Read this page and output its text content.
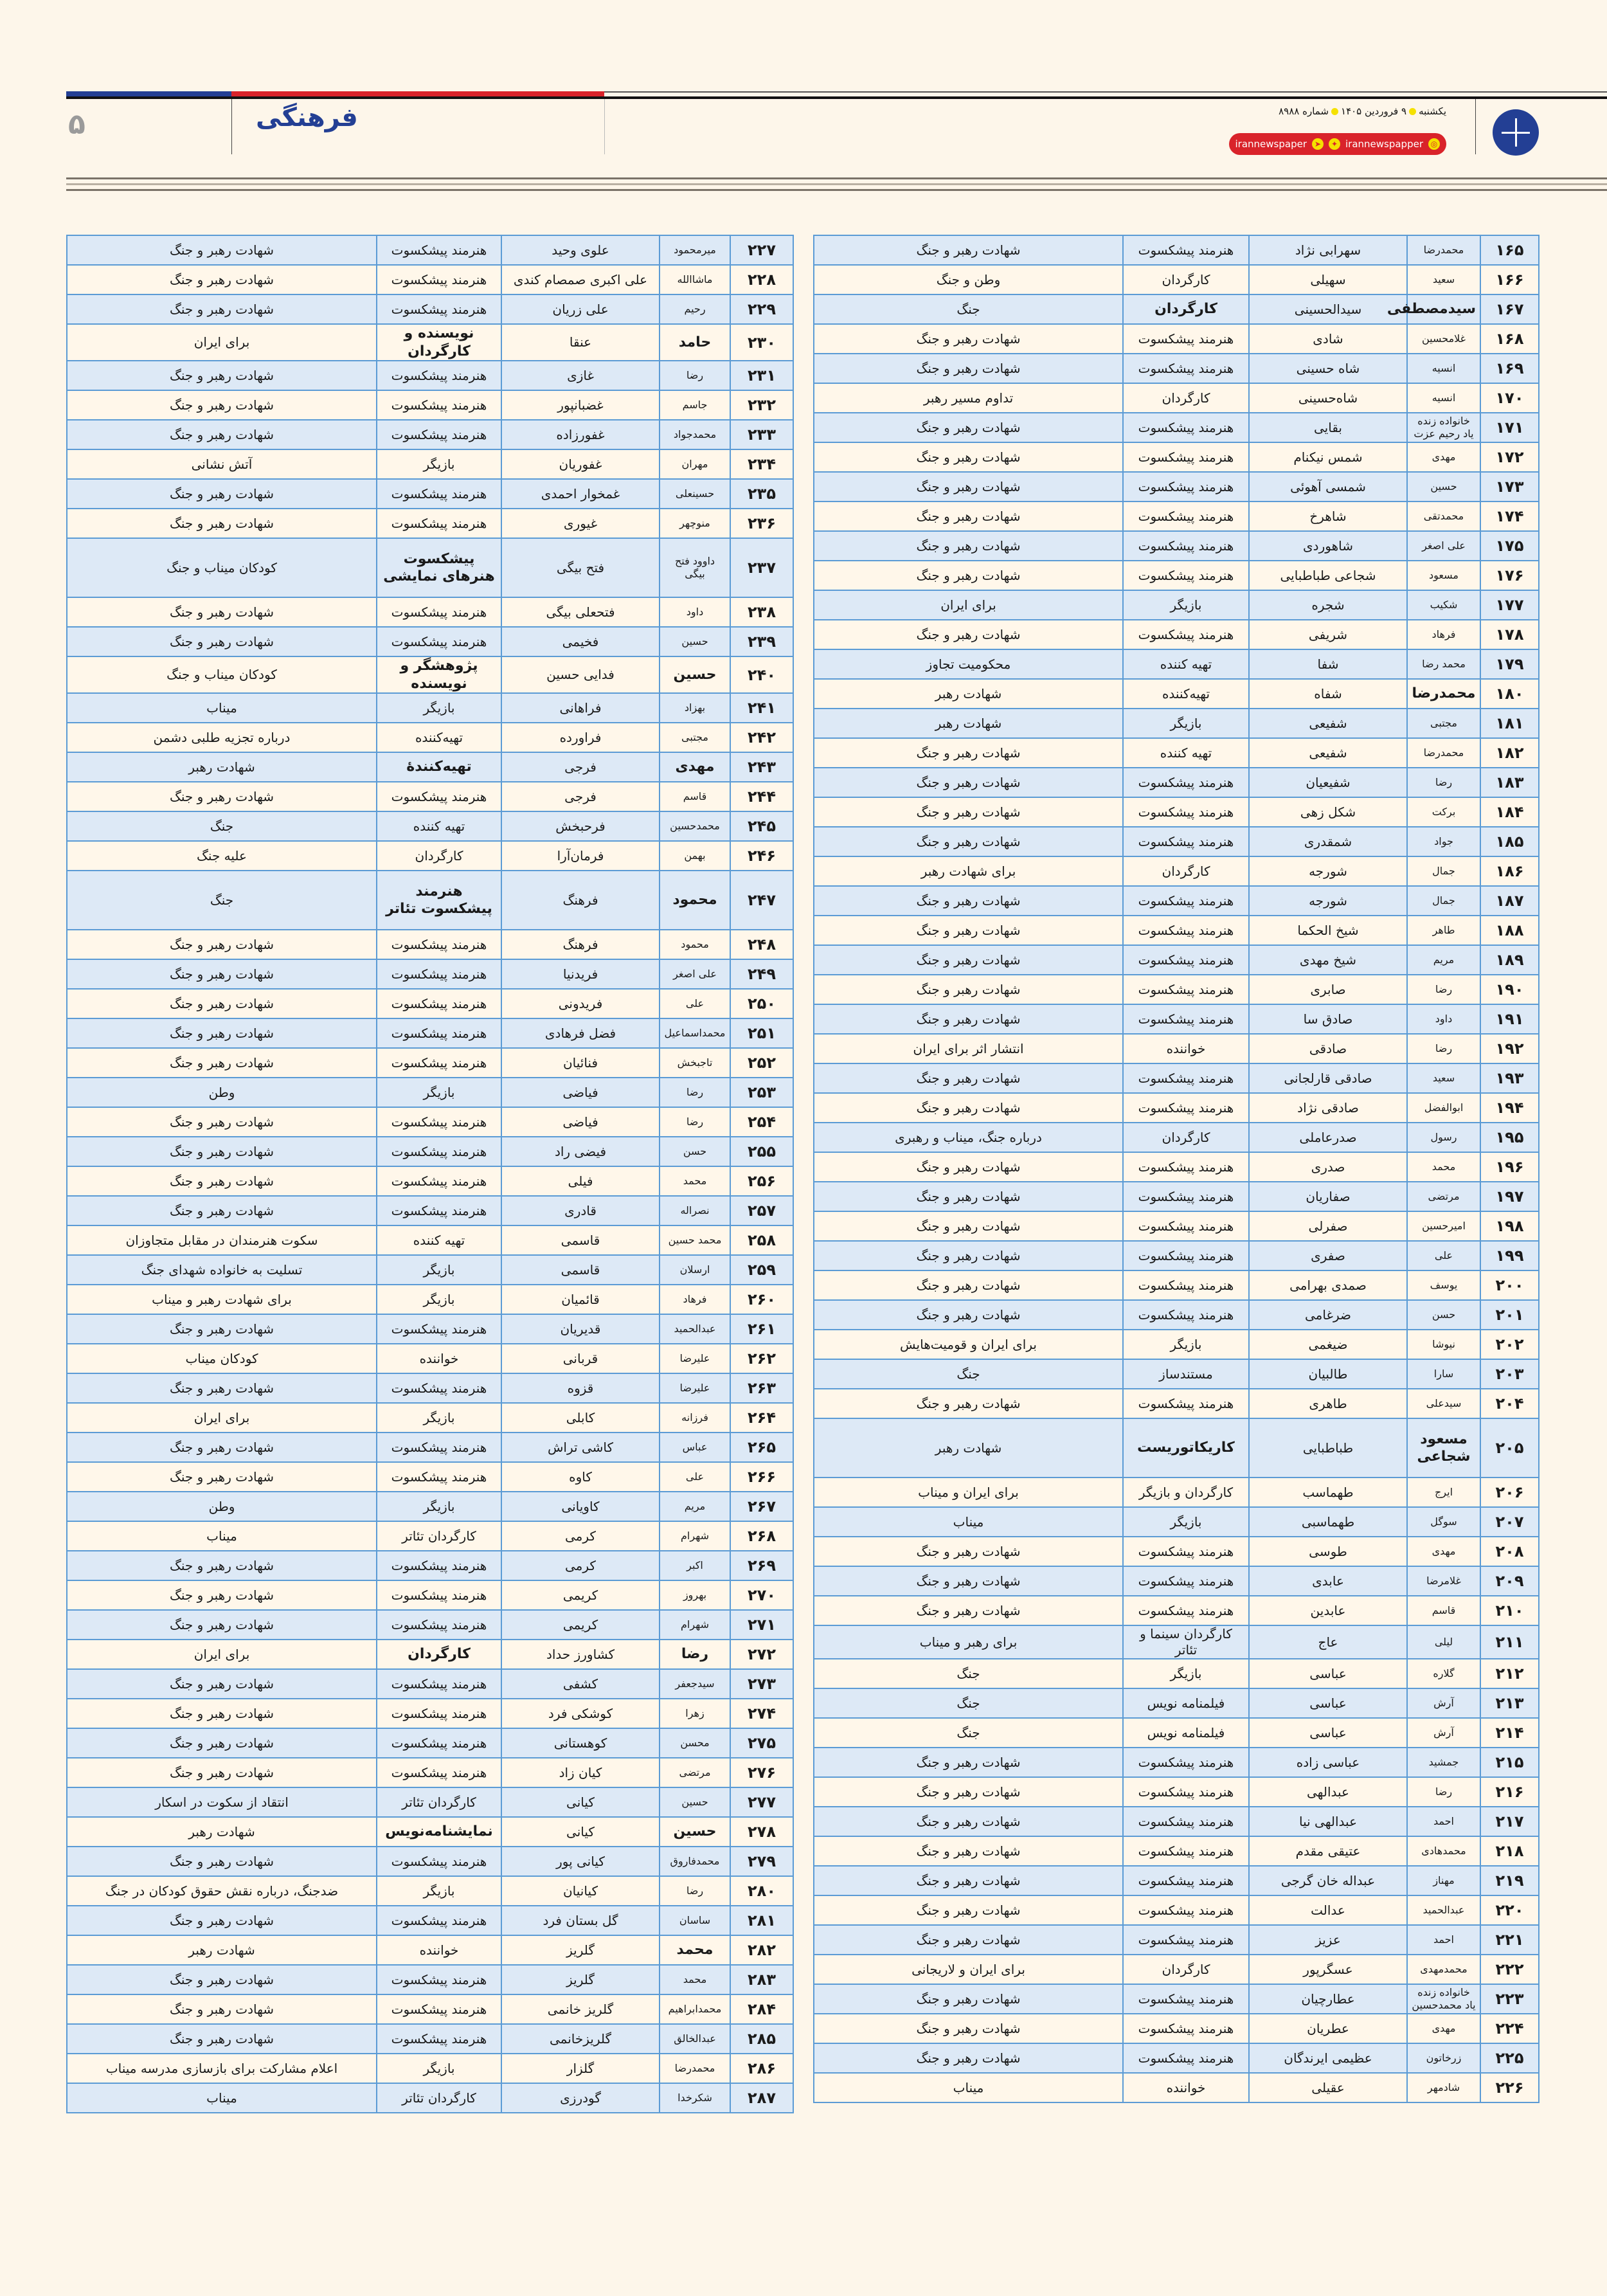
۵	فرهنگی	یکشنبه۹ فروردین ۱۴۰۵شماره ۸۹۸۸
◎
irannewspapper
✦
➤
irannewspaper
۱۶۵	محمدرضا	سهرابی نژاد	هنرمند پیشکسوت	شهادت رهبر و جنگ
۱۶۶	سعید	سهیلی	کارگردان	وطن و جنگ
۱۶۷	سیدمصطفی	سیدالحسینی	کارگردان	جنگ
۱۶۸	غلامحسین	شادی	هنرمند پیشکسوت	شهادت رهبر و جنگ
۱۶۹	انسیه	شاه حسینی	هنرمند پیشکسوت	شهادت رهبر و جنگ
۱۷۰	انسیه	شاه‌حسینی	کارگردان	تداوم مسیر رهبر
۱۷۱	خانواده زنده یاد رحیم عزت	بقایی	هنرمند پیشکسوت	شهادت رهبر و جنگ
۱۷۲	مهدی	شمس نیکنام	هنرمند پیشکسوت	شهادت رهبر و جنگ
۱۷۳	حسین	شمسی آهوئی	هنرمند پیشکسوت	شهادت رهبر و جنگ
۱۷۴	محمدتقی	شاهرخ	هنرمند پیشکسوت	شهادت رهبر و جنگ
۱۷۵	علی اصغر	شاهوردی	هنرمند پیشکسوت	شهادت رهبر و جنگ
۱۷۶	مسعود	شجاعی طباطبایی	هنرمند پیشکسوت	شهادت رهبر و جنگ
۱۷۷	شکیب	شجره	بازیگر	برای ایران
۱۷۸	فرهاد	شریفی	هنرمند پیشکسوت	شهادت رهبر و جنگ
۱۷۹	محمد رضا	شفا	تهیه کننده	محکومیت تجاوز
۱۸۰	محمدرضا	شفاه	تهیه‌کننده	شهادت رهبر
۱۸۱	مجتبی	شفیعی	بازیگر	شهادت رهبر
۱۸۲	محمدرضا	شفیعی	تهیه کننده	شهادت رهبر و جنگ
۱۸۳	رضا	شفیعیان	هنرمند پیشکسوت	شهادت رهبر و جنگ
۱۸۴	برکت	شکل زهی	هنرمند پیشکسوت	شهادت رهبر و جنگ
۱۸۵	جواد	شمقدری	هنرمند پیشکسوت	شهادت رهبر و جنگ
۱۸۶	جمال	شورجه	کارگردان	برای شهادت رهبر
۱۸۷	جمال	شورجه	هنرمند پیشکسوت	شهادت رهبر و جنگ
۱۸۸	طاهر	شیخ الحکما	هنرمند پیشکسوت	شهادت رهبر و جنگ
۱۸۹	مریم	شیخ مهدی	هنرمند پیشکسوت	شهادت رهبر و جنگ
۱۹۰	رضا	صابری	هنرمند پیشکسوت	شهادت رهبر و جنگ
۱۹۱	داود	صادق سا	هنرمند پیشکسوت	شهادت رهبر و جنگ
۱۹۲	رضا	صادقی	خواننده	انتشار اثر برای ایران
۱۹۳	سعید	صادقی قارلجانی	هنرمند پیشکسوت	شهادت رهبر و جنگ
۱۹۴	ابوالفضل	صادقی نژاد	هنرمند پیشکسوت	شهادت رهبر و جنگ
۱۹۵	رسول	صدرعاملی	کارگردان	درباره جنگ، میناب و رهبری
۱۹۶	محمد	صدری	هنرمند پیشکسوت	شهادت رهبر و جنگ
۱۹۷	مرتضی	صفاریان	هنرمند پیشکسوت	شهادت رهبر و جنگ
۱۹۸	امیرحسین	صفرلی	هنرمند پیشکسوت	شهادت رهبر و جنگ
۱۹۹	علی	صفری	هنرمند پیشکسوت	شهادت رهبر و جنگ
۲۰۰	یوسف	صمدی بهرامی	هنرمند پیشکسوت	شهادت رهبر و جنگ
۲۰۱	حسن	ضرغامی	هنرمند پیشکسوت	شهادت رهبر و جنگ
۲۰۲	نیوشا	ضیغمی	بازیگر	برای ایران و قومیت‌هایش
۲۰۳	سارا	طالبیان	مستندساز	جنگ
۲۰۴	سیدعلی	طاهری	هنرمند پیشکسوت	شهادت رهبر و جنگ
۲۰۵	مسعود شجاعی	طباطبایی	کاریکاتوریست	شهادت رهبر
۲۰۶	ایرج	طهماسب	کارگردان و بازیگر	برای ایران و میناب
۲۰۷	سوگل	طهماسبی	بازیگر	میناب
۲۰۸	مهدی	طوسی	هنرمند پیشکسوت	شهادت رهبر و جنگ
۲۰۹	غلامرضا	عابدی	هنرمند پیشکسوت	شهادت رهبر و جنگ
۲۱۰	قاسم	عابدین	هنرمند پیشکسوت	شهادت رهبر و جنگ
۲۱۱	لیلی	عاج	کارگردان سینما و تئاتر	برای رهبر و میناب
۲۱۲	گلاره	عباسی	بازیگر	جنگ
۲۱۳	آرش	عباسی	فیلمنامه نویس	جنگ
۲۱۴	آرش	عباسی	فیلمنامه نویس	جنگ
۲۱۵	جمشید	عباسی زاده	هنرمند پیشکسوت	شهادت رهبر و جنگ
۲۱۶	رضا	عبدالهی	هنرمند پیشکسوت	شهادت رهبر و جنگ
۲۱۷	احمد	عبدالهی نیا	هنرمند پیشکسوت	شهادت رهبر و جنگ
۲۱۸	محمدهادی	عتیقی مقدم	هنرمند پیشکسوت	شهادت رهبر و جنگ
۲۱۹	مهناز	عبداله خان گرجی	هنرمند پیشکسوت	شهادت رهبر و جنگ
۲۲۰	عبدالحمید	عدالت	هنرمند پیشکسوت	شهادت رهبر و جنگ
۲۲۱	احمد	عزیز	هنرمند پیشکسوت	شهادت رهبر و جنگ
۲۲۲	محمدمهدی	عسگرپور	کارگردان	برای ایران و لاریجانی
۲۲۳	خانواده زنده یاد محمدحسین	عطارچیان	هنرمند پیشکسوت	شهادت رهبر و جنگ
۲۲۴	مهدی	عطریان	هنرمند پیشکسوت	شهادت رهبر و جنگ
۲۲۵	زرخاتون	عظیمی ایرندگان	هنرمند پیشکسوت	شهادت رهبر و جنگ
۲۲۶	شادمهر	عقیلی	خواننده	میناب
۲۲۷	میرمحمود	علوی وحید	هنرمند پیشکسوت	شهادت رهبر و جنگ
۲۲۸	ماشاالله	علی اکبری صمصام کندی	هنرمند پیشکسوت	شهادت رهبر و جنگ
۲۲۹	رحیم	علی زریان	هنرمند پیشکسوت	شهادت رهبر و جنگ
۲۳۰	حامد	عنقا	نویسنده و کارگردان	برای ایران
۲۳۱	رضا	غازی	هنرمند پیشکسوت	شهادت رهبر و جنگ
۲۳۲	جاسم	غضبانپور	هنرمند پیشکسوت	شهادت رهبر و جنگ
۲۳۳	محمدجواد	غفورزاده	هنرمند پیشکسوت	شهادت رهبر و جنگ
۲۳۴	مهران	غفوریان	بازیگر	آتش نشانی
۲۳۵	حسینعلی	غمخوار احمدی	هنرمند پیشکسوت	شهادت رهبر و جنگ
۲۳۶	منوچهر	غیوری	هنرمند پیشکسوت	شهادت رهبر و جنگ
۲۳۷	داوود فتح بیگی	فتح بیگی	پیشکسوت هنرهای نمایشی	کودکان میناب و جنگ
۲۳۸	داود	فتحعلی بیگی	هنرمند پیشکسوت	شهادت رهبر و جنگ
۲۳۹	حسین	فخیمی	هنرمند پیشکسوت	شهادت رهبر و جنگ
۲۴۰	حسین	فدایی حسین	پژوهشگر و نویسنده	کودکان میناب و جنگ
۲۴۱	بهزاد	فراهانی	بازیگر	میناب
۲۴۲	مجتبی	فراورده	تهیه‌کننده	درباره تجزیه طلبی دشمن
۲۴۳	مهدی	فرجی	تهیه‌کنندهٔ	شهادت رهبر
۲۴۴	قاسم	فرجی	هنرمند پیشکسوت	شهادت رهبر و جنگ
۲۴۵	محمدحسین	فرحبخش	تهیه کننده	جنگ
۲۴۶	بهمن	فرمان‌آرا	کارگردان	علیه جنگ
۲۴۷	محمود	فرهنگ	هنرمند پیشکسوت تئاتر	جنگ
۲۴۸	محمود	فرهنگ	هنرمند پیشکسوت	شهادت رهبر و جنگ
۲۴۹	علی اصغر	فریدنیا	هنرمند پیشکسوت	شهادت رهبر و جنگ
۲۵۰	علی	فریدونی	هنرمند پیشکسوت	شهادت رهبر و جنگ
۲۵۱	محمداسماعیل	فضل فرهادی	هنرمند پیشکسوت	شهادت رهبر و جنگ
۲۵۲	تاجبخش	فنائیان	هنرمند پیشکسوت	شهادت رهبر و جنگ
۲۵۳	رضا	فیاضی	بازیگر	وطن
۲۵۴	رضا	فیاضی	هنرمند پیشکسوت	شهادت رهبر و جنگ
۲۵۵	حسن	فیضی راد	هنرمند پیشکسوت	شهادت رهبر و جنگ
۲۵۶	محمد	فیلی	هنرمند پیشکسوت	شهادت رهبر و جنگ
۲۵۷	نصراله	قادری	هنرمند پیشکسوت	شهادت رهبر و جنگ
۲۵۸	محمد حسین	قاسمی	تهیه کننده	سکوت هنرمندان در مقابل متجاوزان
۲۵۹	ارسلان	قاسمی	بازیگر	تسلیت به خانواده شهدای جنگ
۲۶۰	فرهاد	قائمیان	بازیگر	برای شهادت رهبر و میناب
۲۶۱	عبدالحمید	قدیریان	هنرمند پیشکسوت	شهادت رهبر و جنگ
۲۶۲	علیرضا	قربانی	خواننده	کودکان میناب
۲۶۳	علیرضا	قزوه	هنرمند پیشکسوت	شهادت رهبر و جنگ
۲۶۴	فرزانه	کابلی	بازیگر	برای ایران
۲۶۵	عباس	کاشی تراش	هنرمند پیشکسوت	شهادت رهبر و جنگ
۲۶۶	علی	کاوه	هنرمند پیشکسوت	شهادت رهبر و جنگ
۲۶۷	مریم	کاویانی	بازیگر	وطن
۲۶۸	شهرام	کرمی	کارگردان تئاتر	میناب
۲۶۹	اکبر	کرمی	هنرمند پیشکسوت	شهادت رهبر و جنگ
۲۷۰	بهروز	کریمی	هنرمند پیشکسوت	شهادت رهبر و جنگ
۲۷۱	شهرام	کریمی	هنرمند پیشکسوت	شهادت رهبر و جنگ
۲۷۲	رضا	کشاورز حداد	کارگردان	برای ایران
۲۷۳	سیدجعفر	کشفی	هنرمند پیشکسوت	شهادت رهبر و جنگ
۲۷۴	زهرا	کوشکی فرد	هنرمند پیشکسوت	شهادت رهبر و جنگ
۲۷۵	محسن	کوهستانی	هنرمند پیشکسوت	شهادت رهبر و جنگ
۲۷۶	مرتضی	کیان زاد	هنرمند پیشکسوت	شهادت رهبر و جنگ
۲۷۷	حسین	کیانی	کارگردان تئاتر	انتقاد از سکوت در اسکار
۲۷۸	حسین	کیانی	نمایشنامه‌نویس	شهادت رهبر
۲۷۹	محمدفاروق	کیانی پور	هنرمند پیشکسوت	شهادت رهبر و جنگ
۲۸۰	رضا	کیانیان	بازیگر	ضدجنگ، درباره نقش حقوق کودکان در جنگ
۲۸۱	ساسان	گل بستان فرد	هنرمند پیشکسوت	شهادت رهبر و جنگ
۲۸۲	محمد	گلریز	خواننده	شهادت رهبر
۲۸۳	محمد	گلریز	هنرمند پیشکسوت	شهادت رهبر و جنگ
۲۸۴	محمدابراهیم	گلریز خانمی	هنرمند پیشکسوت	شهادت رهبر و جنگ
۲۸۵	عبدالخالق	گلریزخانمی	هنرمند پیشکسوت	شهادت رهبر و جنگ
۲۸۶	محمدرضا	گلزار	بازیگر	اعلام مشارکت برای بازسازی مدرسه میناب
۲۸۷	شکرخدا	گودرزی	کارگردان تئاتر	میناب
